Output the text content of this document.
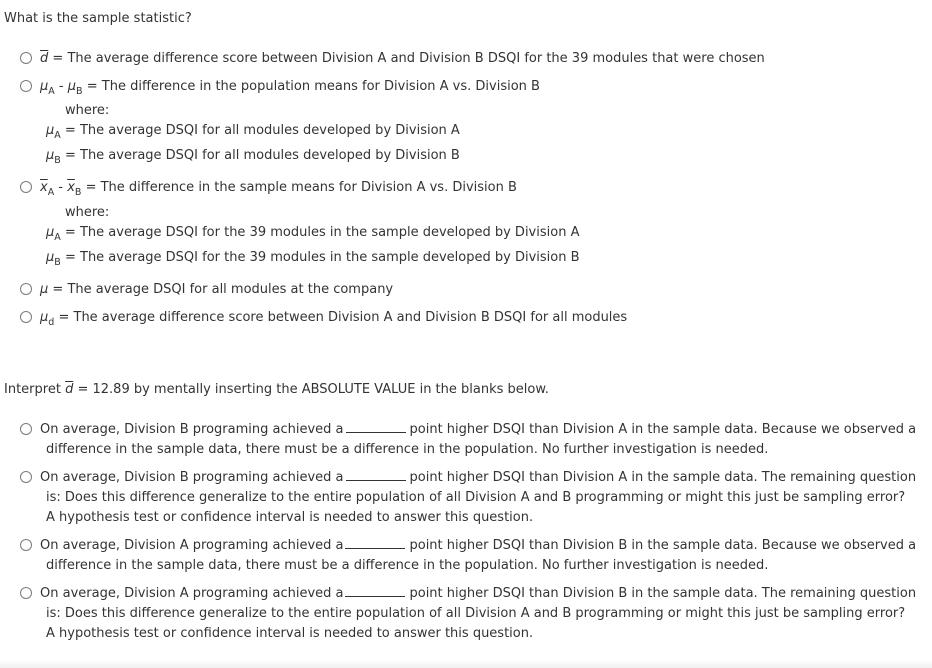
What is the sample statistic?
$\overline{d}$ = The average difference score between Division A and Division B DSQI for the 39 modules that were chosen
$\mu_A - \mu_B$ = The difference in the population means for Division A vs. Division B
where:
$\mu_A$ = The average DSQI for all modules developed by Division A
$\mu_B$ = The average DSQI for all modules developed by Division B
$\overline{x}_A - \overline{x}_B$ = The difference in the sample means for Division A vs. Division B
where:
$\mu_A$ = The average DSQI for the 39 modules in the sample developed by Division A
$\mu_B$ = The average DSQI for the 39 modules in the sample developed by Division B
μ = The average DSQI for all modules at the company
$\mu_d$ = The average difference score between Division A and Division B DSQI for all modules
Interpret $\overline{d} = 12.89$ by mentally inserting the ABSOLUTE VALUE in the blanks below.
On average, Division B programing achieved a	point higher DSQI than Division A in the sample data. Because we observed a
difference in the sample data, there must be a difference in the population. No further investigation is needed.
On average, Division B programing achieved a	point higher DSQI than Division A in the sample data. The remaining question
is: Does this difference generalize to the entire population of all Division A and B programming or might this just be sampling error?
A hypothesis test or confidence interval is needed to answer this question.
On average, Division A programing achieved a	point higher DSQI than Division B in the sample data. Because we observed a
difference in the sample data, there must be a difference in the population. No further investigation is needed.
On average, Division A programing achieved a	point higher DSQI than Division B in the sample data. The remaining question
is: Does this difference generalize to the entire population of all Division A and B programming or might this just be sampling error?
A hypothesis test or confidence interval is needed to answer this question.
